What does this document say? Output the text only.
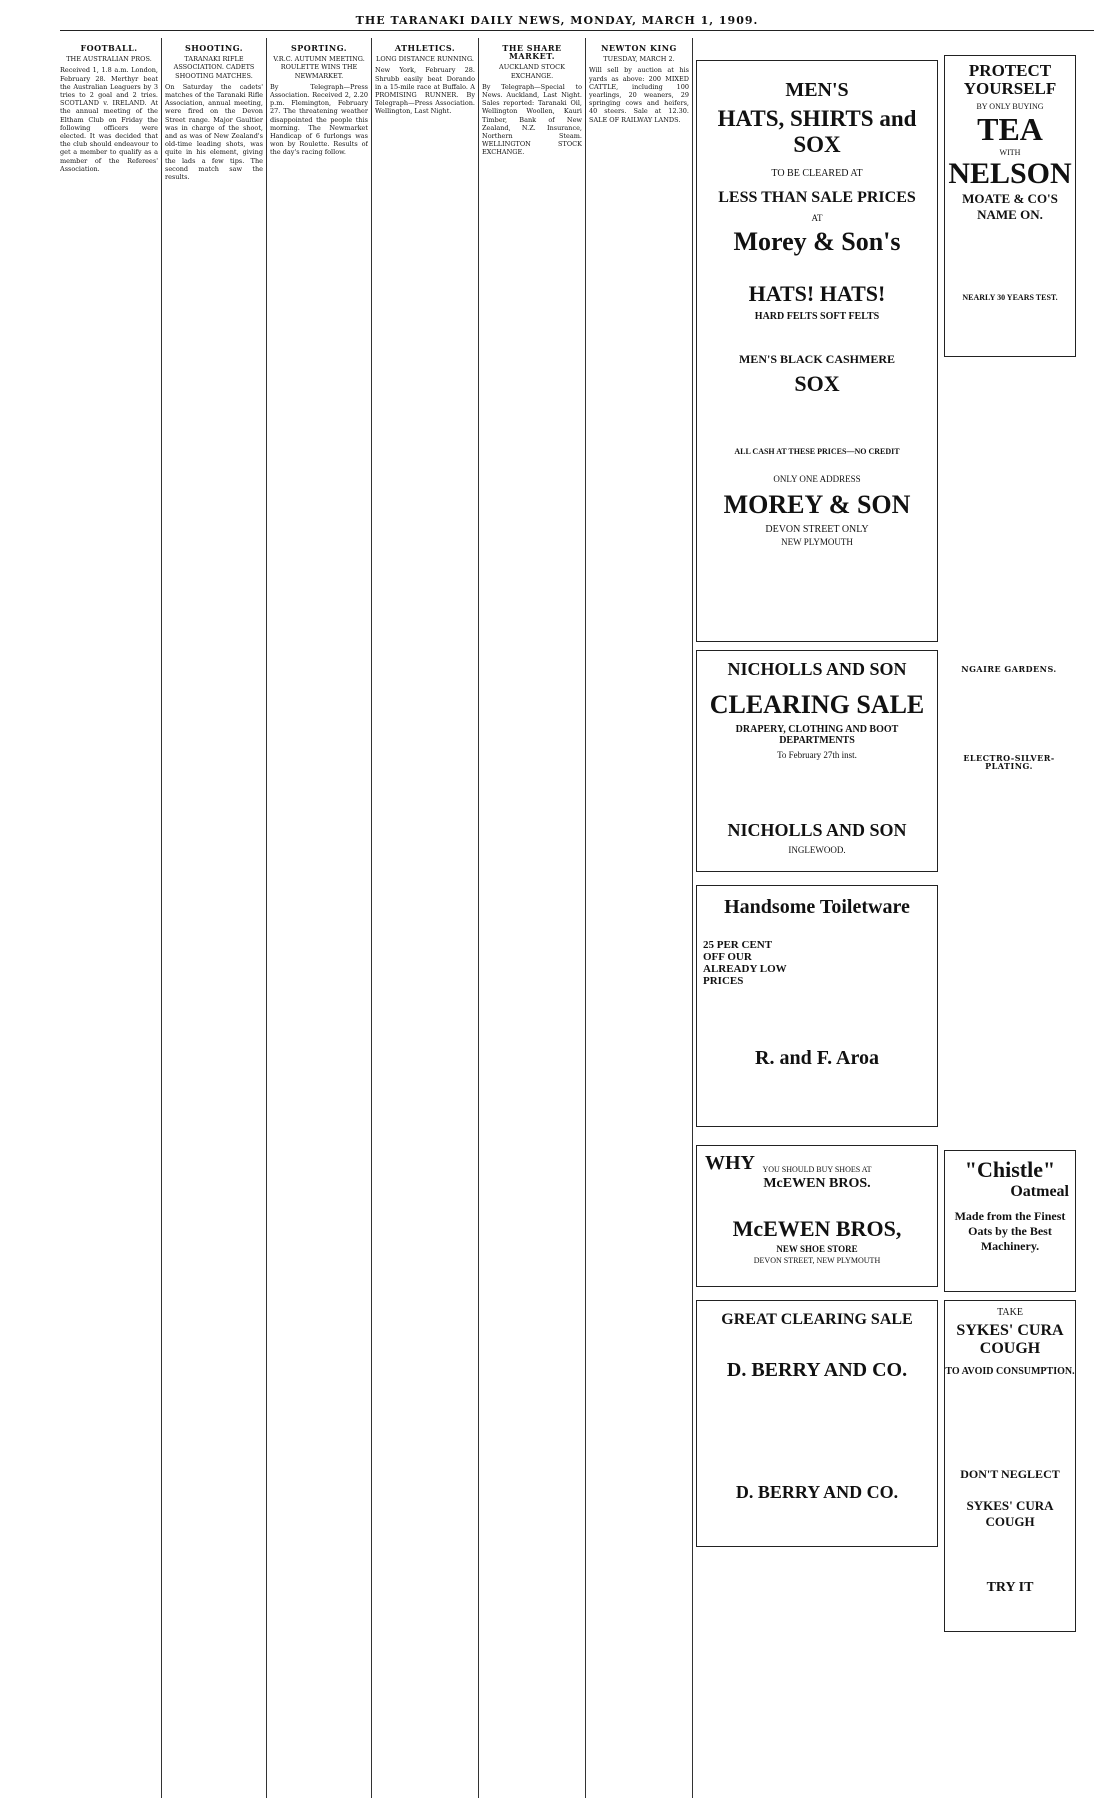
THE TARANAKI DAILY NEWS, MONDAY, MARCH 1, 1909.
FOOTBALL.

THE AUSTRALIAN PROS.

Received 1, 1.8 a.m. London, February 28. Merthyr beat the Australian Leaguers by 3 tries to 2 goal and 2 tries. SCOTLAND v. IRELAND. At the annual meeting of the Eltham Club on Friday the following officers were elected. It was decided that the club should endeavour to get a member to qualify as a member of the Referees' Association.

SHOOTING.

TARANAKI RIFLE ASSOCIATION. CADETS SHOOTING MATCHES.

On Saturday the cadets' matches of the Taranaki Rifle Association, annual meeting, were fired on the Devon Street range. Major Gaultier was in charge of the shoot, and as was of New Zealand's old-time leading shots, was quite in his element, giving the lads a few tips. The second match saw the results.

SPORTING.

V.R.C. AUTUMN MEETING. ROULETTE WINS THE NEWMARKET.

By Telegraph—Press Association. Received 2, 2.20 p.m. Flemington, February 27. The threatening weather disappointed the people this morning. The Newmarket Handicap of 6 furlongs was won by Roulette. Results of the day's racing follow.

ATHLETICS.

LONG DISTANCE RUNNING.

New York, February 28. Shrubb easily beat Dorando in a 15-mile race at Buffalo. A PROMISING RUNNER. By Telegraph—Press Association. Wellington, Last Night.

THE SHARE MARKET.

AUCKLAND STOCK EXCHANGE.

By Telegraph—Special to News. Auckland, Last Night. Sales reported: Taranaki Oil, Wellington Woollen, Kauri Timber, Bank of New Zealand, N.Z. Insurance, Northern Steam. WELLINGTON STOCK EXCHANGE.

NEWTON KING

TUESDAY, MARCH 2.

Will sell by auction at his yards as above: 200 MIXED CATTLE, including 100 yearlings, 20 weaners, 29 springing cows and heifers, 40 steers. Sale at 12.30. SALE OF RAILWAY LANDS.

MEN'S
HATS, SHIRTS and SOX
TO BE CLEARED AT
LESS THAN SALE PRICES
AT
Morey & Son's
HATS! HATS!
HARD FELTS SOFT FELTS
MEN'S BLACK CASHMERE
SOX
ALL CASH AT THESE PRICES—NO CREDIT
ONLY ONE ADDRESS
MOREY & SON
DEVON STREET ONLY
NEW PLYMOUTH
NICHOLLS AND SON
CLEARING SALE
DRAPERY, CLOTHING AND BOOT DEPARTMENTS
To February 27th inst.
NICHOLLS AND SON
INGLEWOOD.
Handsome Toiletware
25 PER CENT OFF OUR ALREADY LOW PRICES
R. and F. Aroa
WHY YOU SHOULD BUY SHOES AT
McEWEN BROS.
McEWEN BROS,
NEW SHOE STORE
DEVON STREET, NEW PLYMOUTH
GREAT CLEARING SALE
D. BERRY AND CO.
D. BERRY AND CO.
PROTECT YOURSELF
BY ONLY BUYING
TEA
WITH
NELSON
MOATE & CO'S
NAME ON.
NEARLY 30 YEARS TEST.
NGAIRE GARDENS.
ELECTRO-SILVER-PLATING.
"Chistle"
Oatmeal
Made from the Finest Oats by the Best Machinery.
TAKE
SYKES' CURA COUGH
TO AVOID CONSUMPTION.
DON'T NEGLECT
SYKES' CURA COUGH
TRY IT
